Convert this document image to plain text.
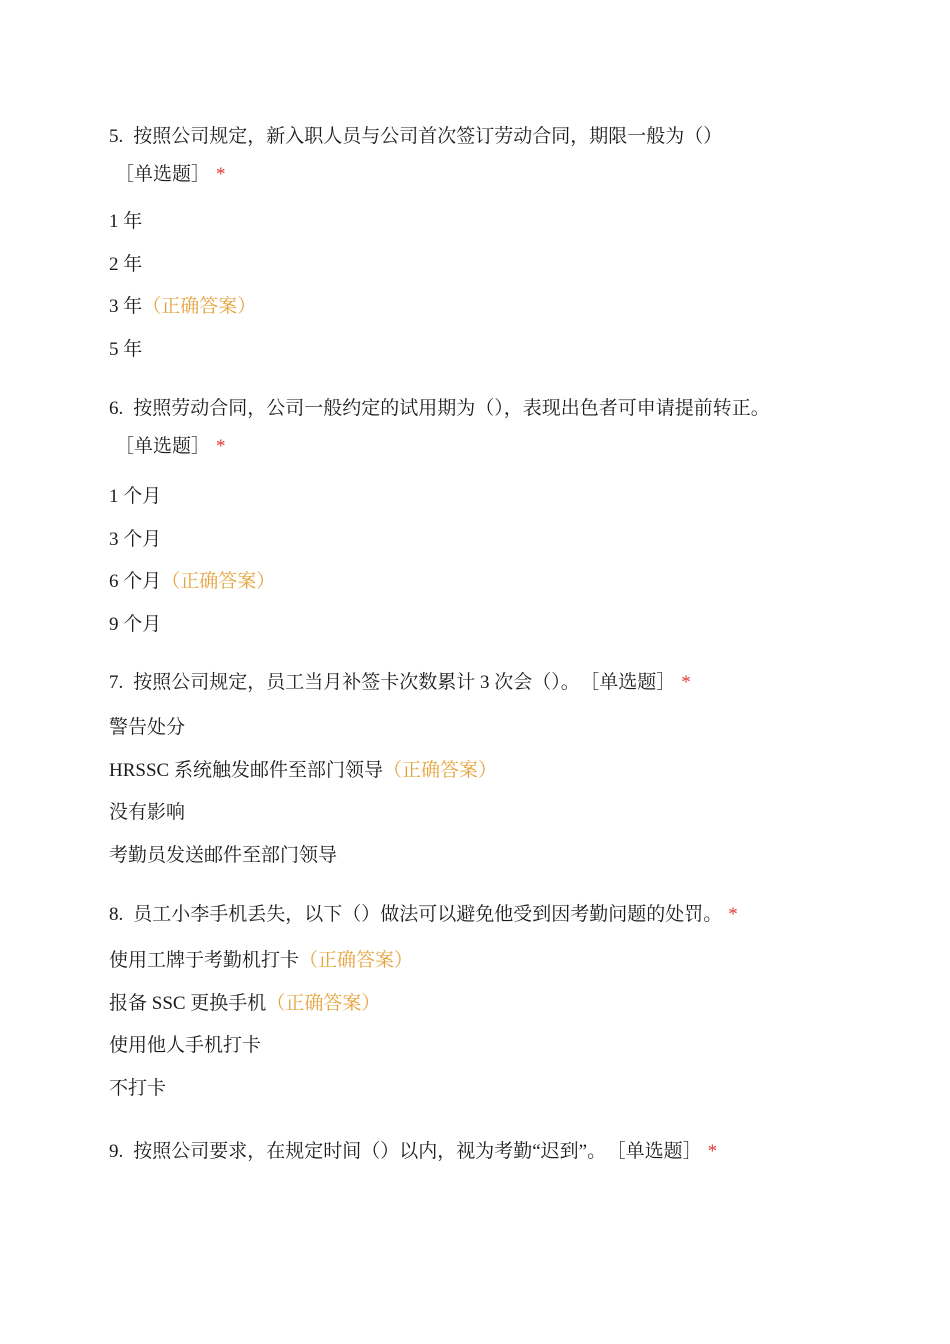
5. 按照公司规定，新入职人员与公司首次签订劳动合同，期限一般为（）
［单选题］ *
1 年
2 年
3 年（正确答案）
5 年
6. 按照劳动合同，公司一般约定的试用期为（），表现出色者可申请提前转正。
［单选题］ *
1 个月
3 个月
6 个月（正确答案）
9 个月
7. 按照公司规定，员工当月补签卡次数累计 3 次会（）。 ［单选题］ *
警告处分
HRSSC 系统触发邮件至部门领导（正确答案）
没有影响
考勤员发送邮件至部门领导
8. 员工小李手机丢失，以下（）做法可以避免他受到因考勤问题的处罚。 *
使用工牌于考勤机打卡（正确答案）
报备 SSC 更换手机（正确答案）
使用他人手机打卡
不打卡
9. 按照公司要求，在规定时间（）以内，视为考勤“迟到”。 ［单选题］ *
